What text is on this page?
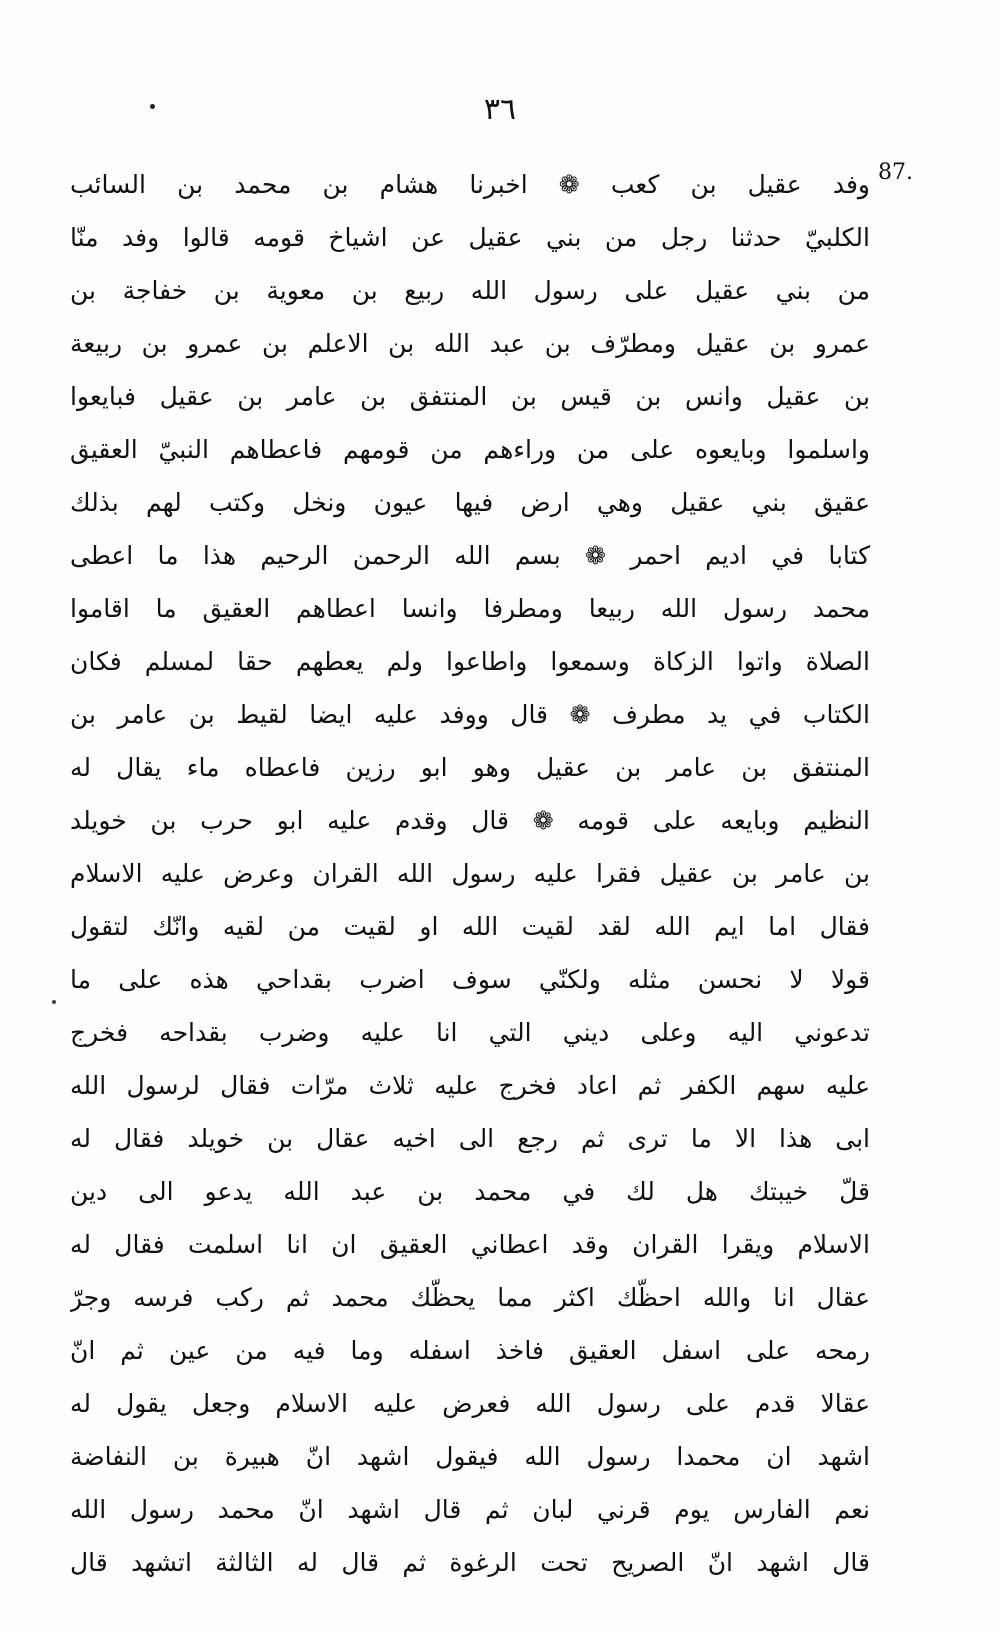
٣٦
87.
وفد عقيل بن كعب ❁ اخبرنا هشام بن محمد بن السائب
الكلبيّ حدثنا رجل من بني عقيل عن اشياخ قومه قالوا وفد منّا
من بني عقيل على رسول الله ربيع بن معوية بن خفاجة بن
عمرو بن عقيل ومطرّف بن عبد الله بن الاعلم بن عمرو بن ربيعة
بن عقيل وانس بن قيس بن المنتفق بن عامر بن عقيل فبايعوا
واسلموا وبايعوه على من وراءهم من قومهم فاعطاهم النبيّ العقيق
عقيق بني عقيل وهي ارض فيها عيون ونخل وكتب لهم بذلك
كتابا في اديم احمر ❁ بسم الله الرحمن الرحيم هذا ما اعطى
محمد رسول الله ربيعا ومطرفا وانسا اعطاهم العقيق ما اقاموا
الصلاة واتوا الزكاة وسمعوا واطاعوا ولم يعطهم حقا لمسلم فكان
الكتاب في يد مطرف ❁ قال ووفد عليه ايضا لقيط بن عامر بن
المنتفق بن عامر بن عقيل وهو ابو رزين فاعطاه ماء يقال له
النظيم وبايعه على قومه ❁ قال وقدم عليه ابو حرب بن خويلد
بن عامر بن عقيل فقرا عليه رسول الله القران وعرض عليه الاسلام
فقال اما ايم الله لقد لقيت الله او لقيت من لقيه وانّك لتقول
قولا لا نحسن مثله ولكنّي سوف اضرب بقداحي هذه على ما
تدعوني اليه وعلى ديني التي انا عليه وضرب بقداحه فخرج
عليه سهم الكفر ثم اعاد فخرج عليه ثلاث مرّات فقال لرسول الله
ابى هذا الا ما ترى ثم رجع الى اخيه عقال بن خويلد فقال له
قلّ خيبتك هل لك في محمد بن عبد الله يدعو الى دين
الاسلام ويقرا القران وقد اعطاني العقيق ان انا اسلمت فقال له
عقال انا والله احظّك اكثر مما يحظّك محمد ثم ركب فرسه وجرّ
رمحه على اسفل العقيق فاخذ اسفله وما فيه من عين ثم انّ
عقالا قدم على رسول الله فعرض عليه الاسلام وجعل يقول له
اشهد ان محمدا رسول الله فيقول اشهد انّ هبيرة بن النفاضة
نعم الفارس يوم قرني لبان ثم قال اشهد انّ محمد رسول الله
قال اشهد انّ الصريح تحت الرغوة ثم قال له الثالثة اتشهد قال
